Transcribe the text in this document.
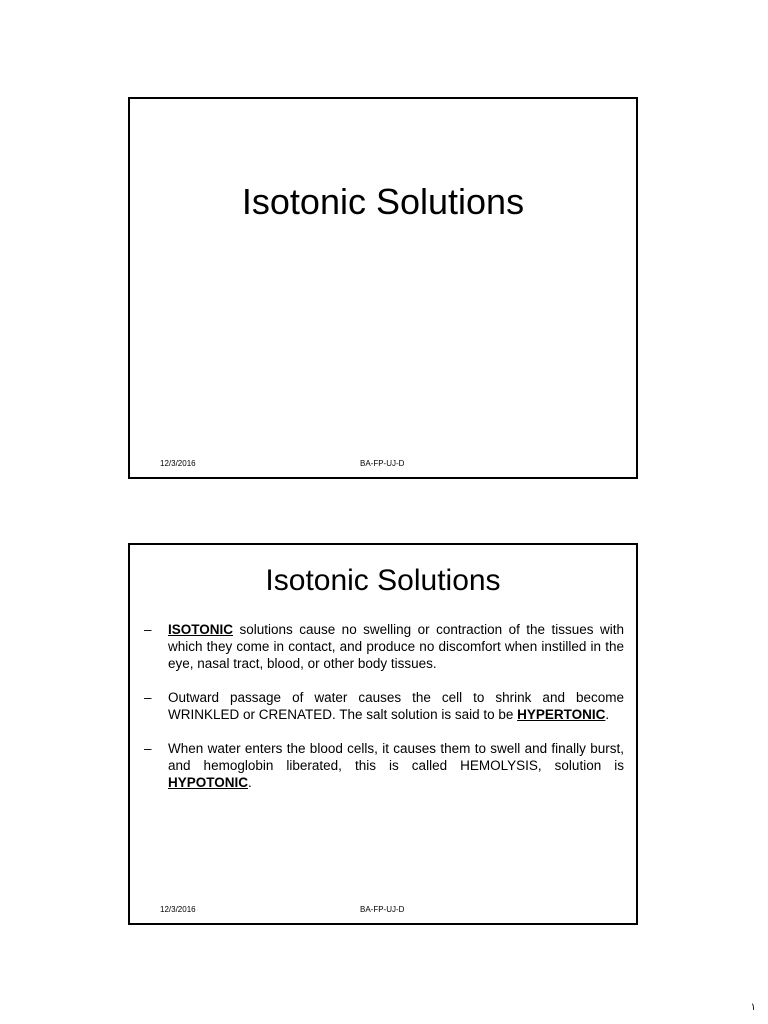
Isotonic Solutions
12/3/2016	BA-FP-UJ-D
Isotonic Solutions
– ISOTONIC solutions cause no swelling or contraction of the tissues with which they come in contact, and produce no discomfort when instilled in the eye, nasal tract, blood, or other body tissues.
– Outward passage of water causes the cell to shrink and become WRINKLED or CRENATED. The salt solution is said to be HYPERTONIC.
– When water enters the blood cells, it causes them to swell and finally burst, and hemoglobin liberated, this is called HEMOLYSIS, solution is HYPOTONIC.
12/3/2016	BA-FP-UJ-D
١
